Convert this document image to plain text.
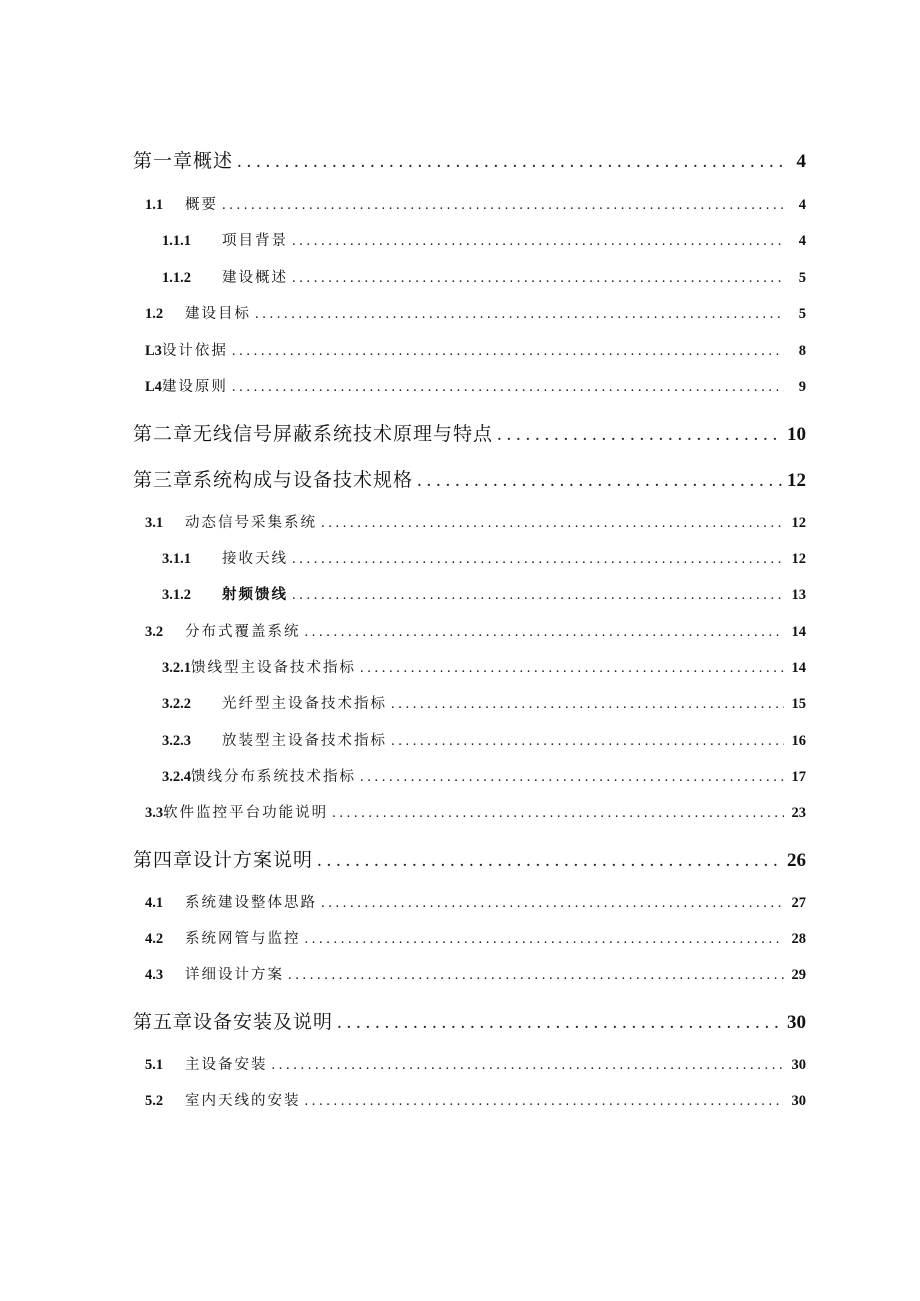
第一章概述 . . .	4
1.1	概要 . . .	4
1.1.1	项目背景 . . .	4
1.1.2	建设概述 . . .	5
1.2	建设目标 . . .	5
L3 设计依据 . . .	8
L4 建设原则 . . .	9
第二章无线信号屏蔽系统技术原理与特点 . . .	10
第三章系统构成与设备技术规格 . . .	12
3.1	动态信号采集系统 . . .	12
3.1.1	接收天线 . . .	12
3.1.2	射频馈线 . . .	13
3.2	分布式覆盖系统 . . .	14
3.2.1 馈线型主设备技术指标 . . .	14
3.2.2	光纤型主设备技术指标 . . .	15
3.2.3	放装型主设备技术指标 . . .	16
3.2.4 馈线分布系统技术指标 . . .	17
3.3 软件监控平台功能说明 . . .	23
第四章设计方案说明 . . .	26
4.1	系统建设整体思路 . . .	27
4.2	系统网管与监控 . . .	28
4.3	详细设计方案 . . .	29
第五章设备安装及说明 . . .	30
5.1	主设备安装 . . .	30
5.2	室内天线的安装 . . .	30
